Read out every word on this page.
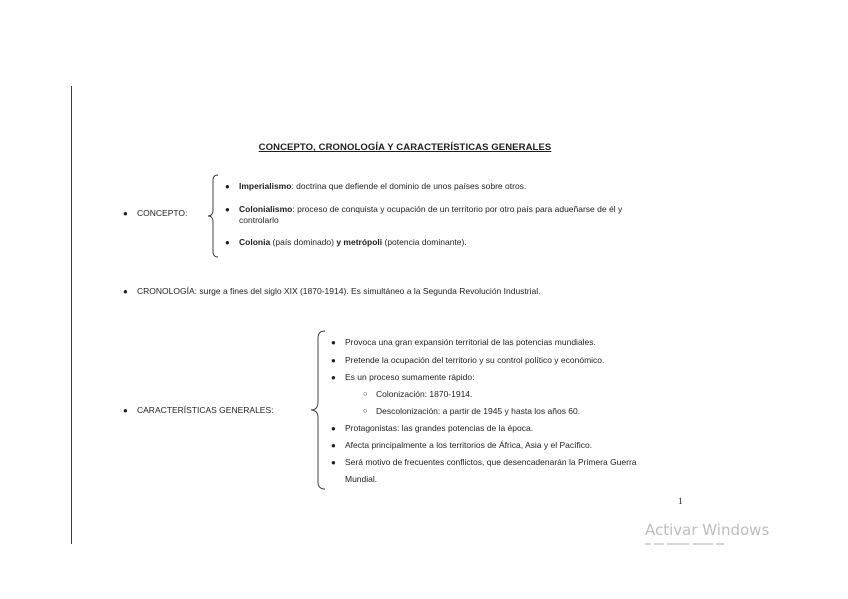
CONCEPTO, CRONOLOGÍA Y CARACTERÍSTICAS GENERALES
● CONCEPTO:
● Imperialismo: doctrina que defiende el dominio de unos países sobre otros.
● Colonialismo: proceso de conquista y ocupación de un territorio por otro país para adueñarse de él y
controlarlo
● Colonia (país dominado) y metrópoli (potencia dominante).
● CRONOLOGÍA: surge a fines del siglo XIX (1870-1914). Es simultáneo a la Segunda Revolución Industrial.
● CARACTERÍSTICAS GENERALES:
● Provoca una gran expansión territorial de las potencias mundiales.
● Pretende la ocupación del territorio y su control político y económico.
● Es un proceso sumamente rápido:
○ Colonización: 1870-1914.
○ Descolonización: a partir de 1945 y hasta los años 60.
● Protagonistas: las grandes potencias de la época.
● Afecta principalmente a los territorios de África, Asia y el Pacífico.
● Será motivo de frecuentes conflictos, que desencadenarán la Primera Guerra
Mundial.
1
Activar Windows
